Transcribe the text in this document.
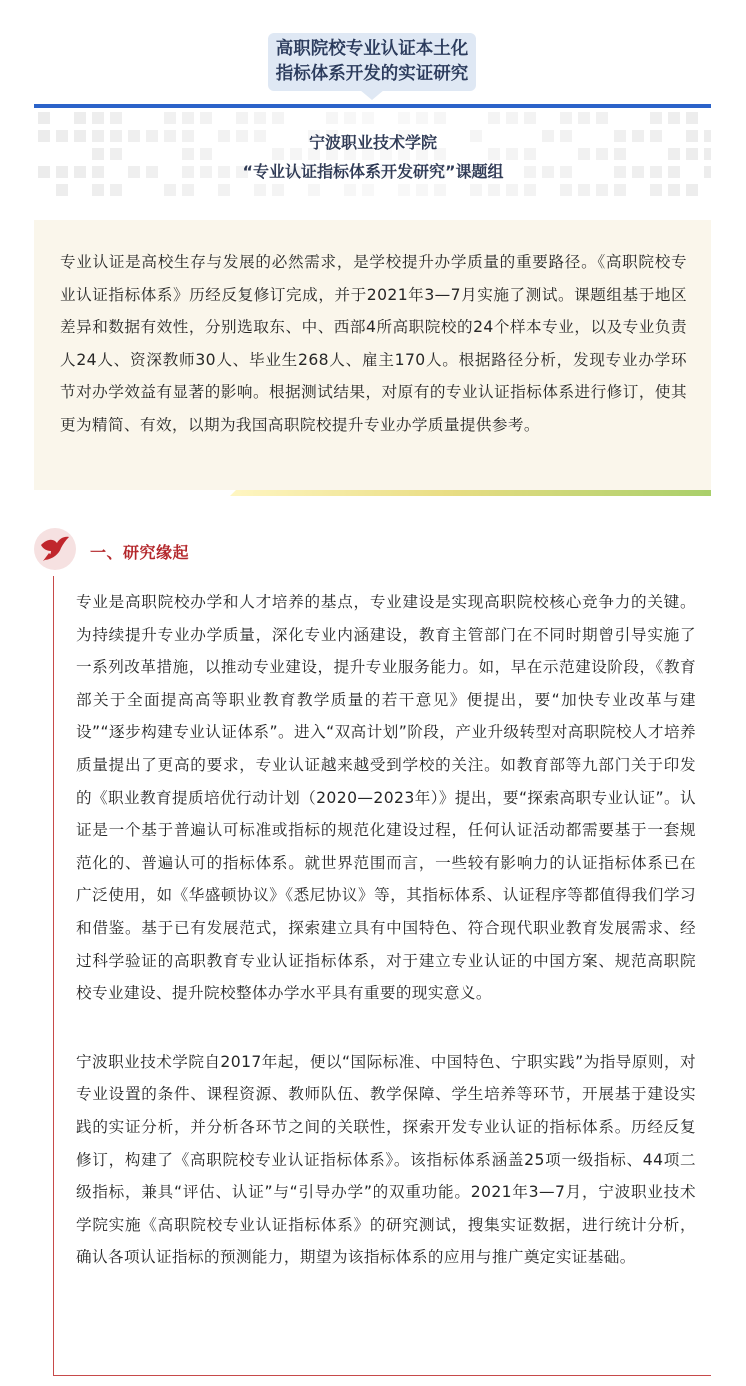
高职院校专业认证本土化
指标体系开发的实证研究
宁波职业技术学院
“专业认证指标体系开发研究”课题组

专业认证是高校生存与发展的必然需求，是学校提升办学质量的重要路径。《高职院校专业认证指标体系》历经反复修订完成，并于2021年3—7月实施了测试。课题组基于地区差异和数据有效性，分别选取东、中、西部4所高职院校的24个样本专业，以及专业负责人24人、资深教师30人、毕业生268人、雇主170人。根据路径分析，发现专业办学环节对办学效益有显著的影响。根据测试结果，对原有的专业认证指标体系进行修订，使其更为精简、有效，以期为我国高职院校提升专业办学质量提供参考。

一、研究缘起

专业是高职院校办学和人才培养的基点，专业建设是实现高职院校核心竞争力的关键。为持续提升专业办学质量，深化专业内涵建设，教育主管部门在不同时期曾引导实施了一系列改革措施，以推动专业建设，提升专业服务能力。如，早在示范建设阶段，《教育部关于全面提高高等职业教育教学质量的若干意见》便提出，要“加快专业改革与建设”“逐步构建专业认证体系”。进入“双高计划”阶段，产业升级转型对高职院校人才培养质量提出了更高的要求，专业认证越来越受到学校的关注。如教育部等九部门关于印发的《职业教育提质培优行动计划（2020—2023年）》提出，要“探索高职专业认证”。认证是一个基于普遍认可标准或指标的规范化建设过程，任何认证活动都需要基于一套规范化的、普遍认可的指标体系。就世界范围而言，一些较有影响力的认证指标体系已在广泛使用，如《华盛顿协议》《悉尼协议》等，其指标体系、认证程序等都值得我们学习和借鉴。基于已有发展范式，探索建立具有中国特色、符合现代职业教育发展需求、经过科学验证的高职教育专业认证指标体系，对于建立专业认证的中国方案、规范高职院校专业建设、提升院校整体办学水平具有重要的现实意义。

宁波职业技术学院自2017年起，便以“国际标准、中国特色、宁职实践”为指导原则，对专业设置的条件、课程资源、教师队伍、教学保障、学生培养等环节，开展基于建设实践的实证分析，并分析各环节之间的关联性，探索开发专业认证的指标体系。历经反复修订，构建了《高职院校专业认证指标体系》。该指标体系涵盖25项一级指标、44项二级指标，兼具“评估、认证”与“引导办学”的双重功能。2021年3—7月，宁波职业技术学院实施《高职院校专业认证指标体系》的研究测试，搜集实证数据，进行统计分析，确认各项认证指标的预测能力，期望为该指标体系的应用与推广奠定实证基础。
